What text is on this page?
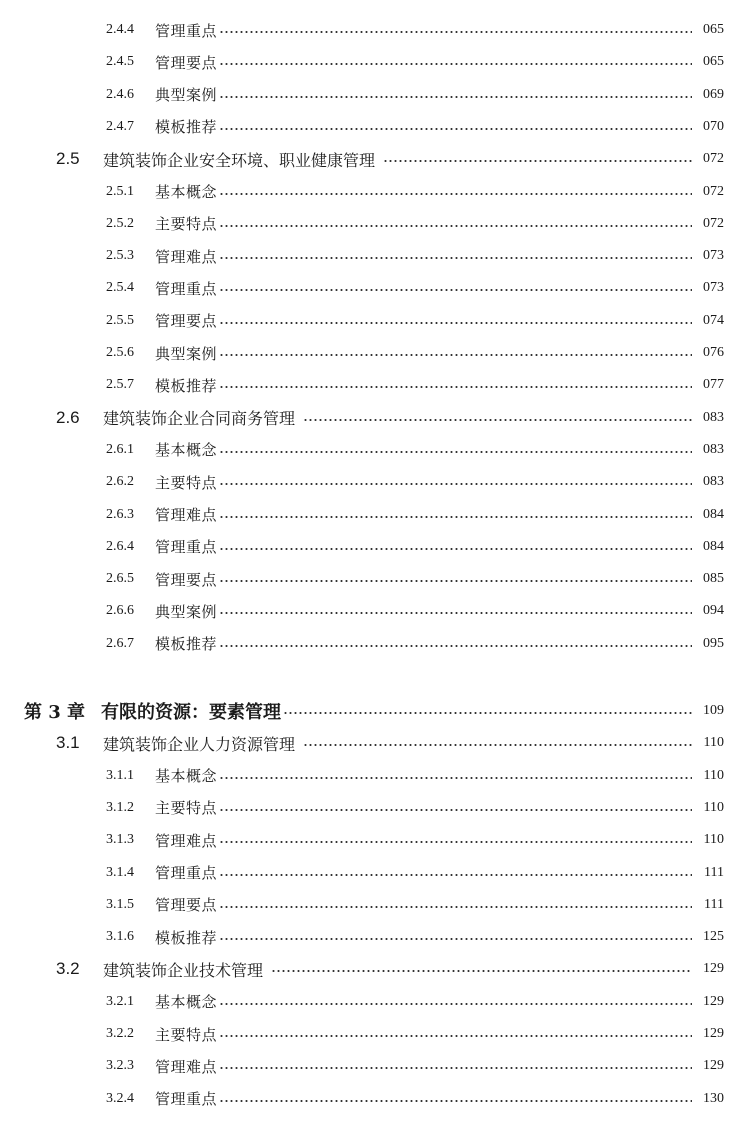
2.4.4	管理重点	065
2.4.5	管理要点	065
2.4.6	典型案例	069
2.4.7	模板推荐	070
2.5	建筑装饰企业安全环境、职业健康管理	072
2.5.1	基本概念	072
2.5.2	主要特点	072
2.5.3	管理难点	073
2.5.4	管理重点	073
2.5.5	管理要点	074
2.5.6	典型案例	076
2.5.7	模板推荐	077
2.6	建筑装饰企业合同商务管理	083
2.6.1	基本概念	083
2.6.2	主要特点	083
2.6.3	管理难点	084
2.6.4	管理重点	084
2.6.5	管理要点	085
2.6.6	典型案例	094
2.6.7	模板推荐	095
第 3 章 有限的资源：要素管理	109
3.1	建筑装饰企业人力资源管理	110
3.1.1	基本概念	110
3.1.2	主要特点	110
3.1.3	管理难点	110
3.1.4	管理重点	111
3.1.5	管理要点	111
3.1.6	模板推荐	125
3.2	建筑装饰企业技术管理	129
3.2.1	基本概念	129
3.2.2	主要特点	129
3.2.3	管理难点	129
3.2.4	管理重点	130
